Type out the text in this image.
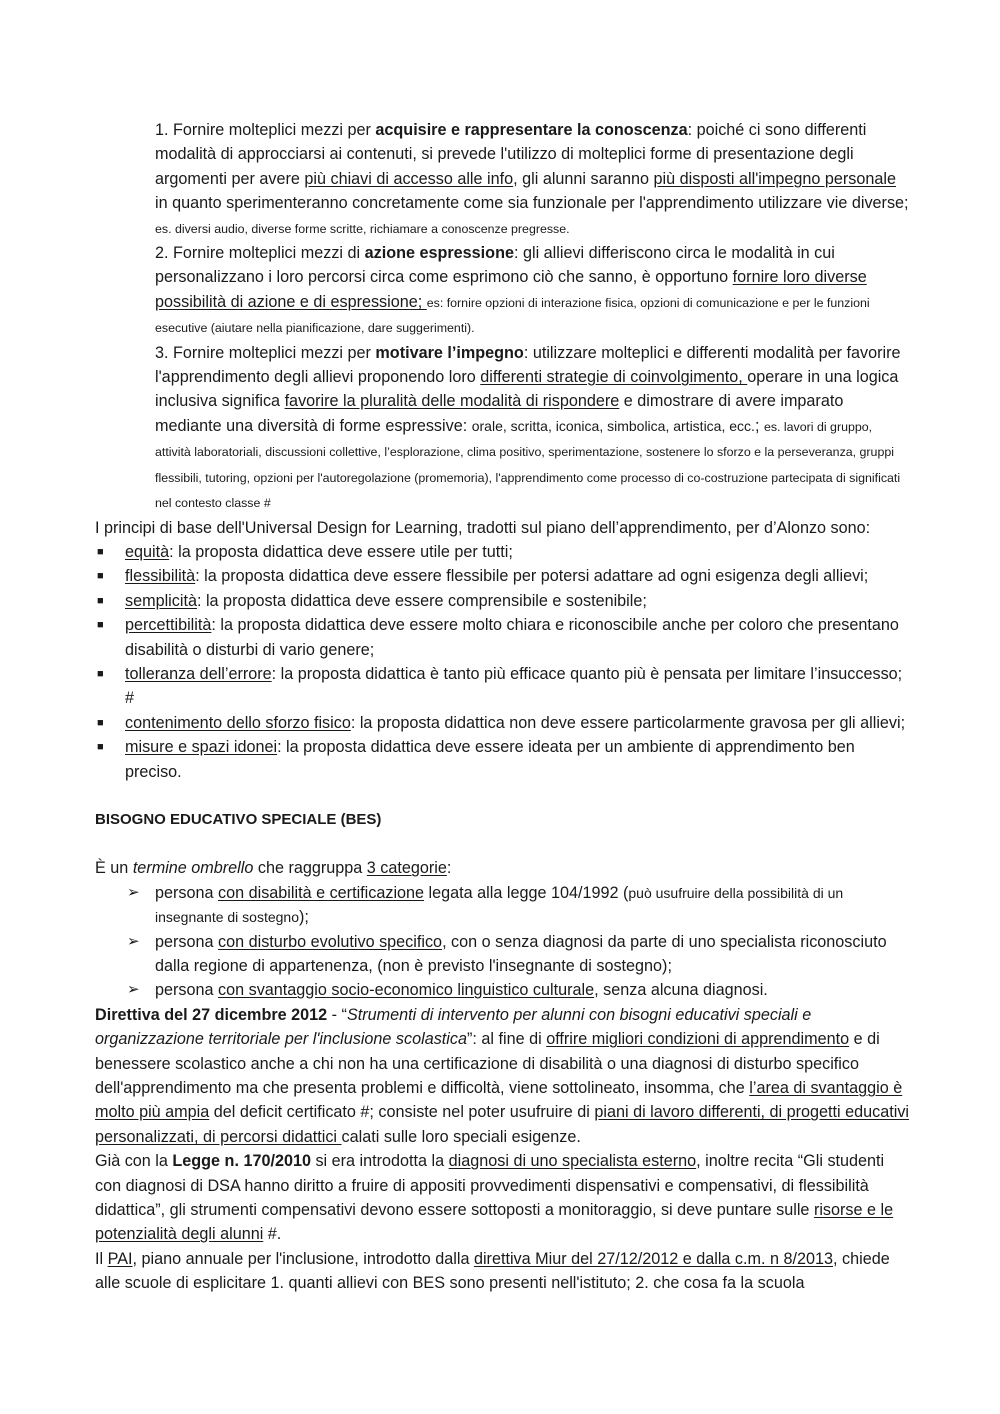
1. Fornire molteplici mezzi per acquisire e rappresentare la conoscenza: poiché ci sono differenti modalità di approcciarsi ai contenuti, si prevede l'utilizzo di molteplici forme di presentazione degli argomenti per avere più chiavi di accesso alle info, gli alunni saranno più disposti all'impegno personale in quanto sperimenteranno concretamente come sia funzionale per l'apprendimento utilizzare vie diverse; es. diversi audio, diverse forme scritte, richiamare a conoscenze pregresse.

2. Fornire molteplici mezzi di azione espressione: gli allievi differiscono circa le modalità in cui personalizzano i loro percorsi circa come esprimono ciò che sanno, è opportuno fornire loro diverse possibilità di azione e di espressione; es: fornire opzioni di interazione fisica, opzioni di comunicazione e per le funzioni esecutive (aiutare nella pianificazione, dare suggerimenti).

3. Fornire molteplici mezzi per motivare l’impegno: utilizzare molteplici e differenti modalità per favorire l'apprendimento degli allievi proponendo loro differenti strategie di coinvolgimento, operare in una logica inclusiva significa favorire la pluralità delle modalità di rispondere e dimostrare di avere imparato mediante una diversità di forme espressive: orale, scritta, iconica, simbolica, artistica, ecc.; es. lavori di gruppo, attività laboratoriali, discussioni collettive, l’esplorazione, clima positivo, sperimentazione, sostenere lo sforzo e la perseveranza, gruppi flessibili, tutoring, opzioni per l'autoregolazione (promemoria), l'apprendimento come processo di co-costruzione partecipata di significati nel contesto classe #

I principi di base dell'Universal Design for Learning, tradotti sul piano dell’apprendimento, per d’Alonzo sono:

■ equità: la proposta didattica deve essere utile per tutti;
■ flessibilità: la proposta didattica deve essere flessibile per potersi adattare ad ogni esigenza degli allievi;
■ semplicità: la proposta didattica deve essere comprensibile e sostenibile;
■ percettibilità: la proposta didattica deve essere molto chiara e riconoscibile anche per coloro che presentano disabilità o disturbi di vario genere;
■ tolleranza dell’errore: la proposta didattica è tanto più efficace quanto più è pensata per limitare l’insuccesso; #
■ contenimento dello sforzo fisico: la proposta didattica non deve essere particolarmente gravosa per gli allievi;
■ misure e spazi idonei: la proposta didattica deve essere ideata per un ambiente di apprendimento ben preciso.

BISOGNO EDUCATIVO SPECIALE (BES)

È un termine ombrello che raggruppa 3 categorie:

➢ persona con disabilità e certificazione legata alla legge 104/1992 (può usufruire della possibilità di un insegnante di sostegno);
➢ persona con disturbo evolutivo specifico, con o senza diagnosi da parte di uno specialista riconosciuto dalla regione di appartenenza, (non è previsto l'insegnante di sostegno);
➢ persona con svantaggio socio-economico linguistico culturale, senza alcuna diagnosi.

Direttiva del 27 dicembre 2012 - “Strumenti di intervento per alunni con bisogni educativi speciali e organizzazione territoriale per l'inclusione scolastica”: al fine di offrire migliori condizioni di apprendimento e di benessere scolastico anche a chi non ha una certificazione di disabilità o una diagnosi di disturbo specifico dell'apprendimento ma che presenta problemi e difficoltà, viene sottolineato, insomma, che l’area di svantaggio è molto più ampia del deficit certificato #; consiste nel poter usufruire di piani di lavoro differenti, di progetti educativi personalizzati, di percorsi didattici calati sulle loro speciali esigenze.

Già con la Legge n. 170/2010 si era introdotta la diagnosi di uno specialista esterno, inoltre recita “Gli studenti con diagnosi di DSA hanno diritto a fruire di appositi provvedimenti dispensativi e compensativi, di flessibilità didattica”, gli strumenti compensativi devono essere sottoposti a monitoraggio, si deve puntare sulle risorse e le potenzialità degli alunni #.

Il PAI, piano annuale per l'inclusione, introdotto dalla direttiva Miur del 27/12/2012 e dalla c.m. n 8/2013, chiede alle scuole di esplicitare 1. quanti allievi con BES sono presenti nell'istituto; 2. che cosa fa la scuola
